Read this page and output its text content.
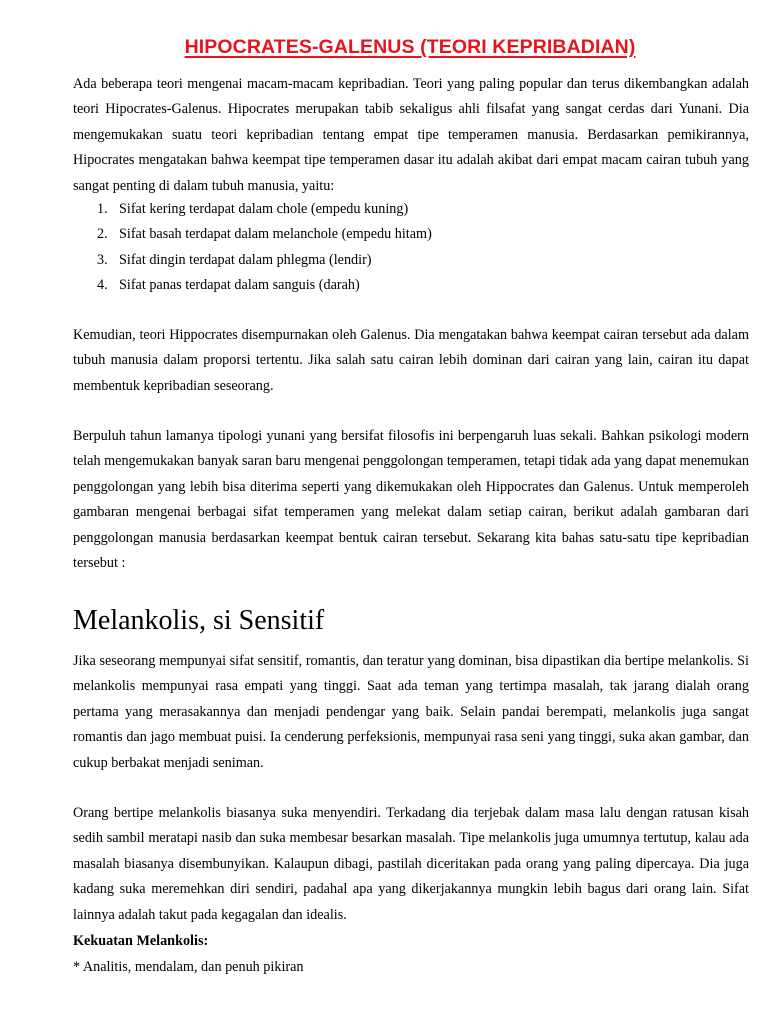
HIPOCRATES-GALENUS (TEORI KEPRIBADIAN)

Ada beberapa teori mengenai macam-macam kepribadian. Teori yang paling popular dan terus dikembangkan adalah teori Hipocrates-Galenus. Hipocrates merupakan tabib sekaligus ahli filsafat yang sangat cerdas dari Yunani. Dia mengemukakan suatu teori kepribadian tentang empat tipe temperamen manusia. Berdasarkan pemikirannya, Hipocrates mengatakan bahwa keempat tipe temperamen dasar itu adalah akibat dari empat macam cairan tubuh yang sangat penting di dalam tubuh manusia, yaitu:

1. Sifat kering terdapat dalam chole (empedu kuning)
2. Sifat basah terdapat dalam melanchole (empedu hitam)
3. Sifat dingin terdapat dalam phlegma (lendir)
4. Sifat panas terdapat dalam sanguis (darah)

Kemudian, teori Hippocrates disempurnakan oleh Galenus. Dia mengatakan bahwa keempat cairan tersebut ada dalam tubuh manusia dalam proporsi tertentu. Jika salah satu cairan lebih dominan dari cairan yang lain, cairan itu dapat membentuk kepribadian seseorang.

Berpuluh tahun lamanya tipologi yunani yang bersifat filosofis ini berpengaruh luas sekali. Bahkan psikologi modern telah mengemukakan banyak saran baru mengenai penggolongan temperamen, tetapi tidak ada yang dapat menemukan penggolongan yang lebih bisa diterima seperti yang dikemukakan oleh Hippocrates dan Galenus. Untuk memperoleh gambaran mengenai berbagai sifat temperamen yang melekat dalam setiap cairan, berikut adalah gambaran dari penggolongan manusia berdasarkan keempat bentuk cairan tersebut. Sekarang kita bahas satu-satu tipe kepribadian tersebut :

Melankolis, si Sensitif

Jika seseorang mempunyai sifat sensitif, romantis, dan teratur yang dominan, bisa dipastikan dia bertipe melankolis. Si melankolis mempunyai rasa empati yang tinggi. Saat ada teman yang tertimpa masalah, tak jarang dialah orang pertama yang merasakannya dan menjadi pendengar yang baik. Selain pandai berempati, melankolis juga sangat romantis dan jago membuat puisi. Ia cenderung perfeksionis, mempunyai rasa seni yang tinggi, suka akan gambar, dan cukup berbakat menjadi seniman.

Orang bertipe melankolis biasanya suka menyendiri. Terkadang dia terjebak dalam masa lalu dengan ratusan kisah sedih sambil meratapi nasib dan suka membesar besarkan masalah. Tipe melankolis juga umumnya tertutup, kalau ada masalah biasanya disembunyikan. Kalaupun dibagi, pastilah diceritakan pada orang yang paling dipercaya. Dia juga kadang suka meremehkan diri sendiri, padahal apa yang dikerjakannya mungkin lebih bagus dari orang lain. Sifat lainnya adalah takut pada kegagalan dan idealis.

Kekuatan Melankolis:

* Analitis, mendalam, dan penuh pikiran
